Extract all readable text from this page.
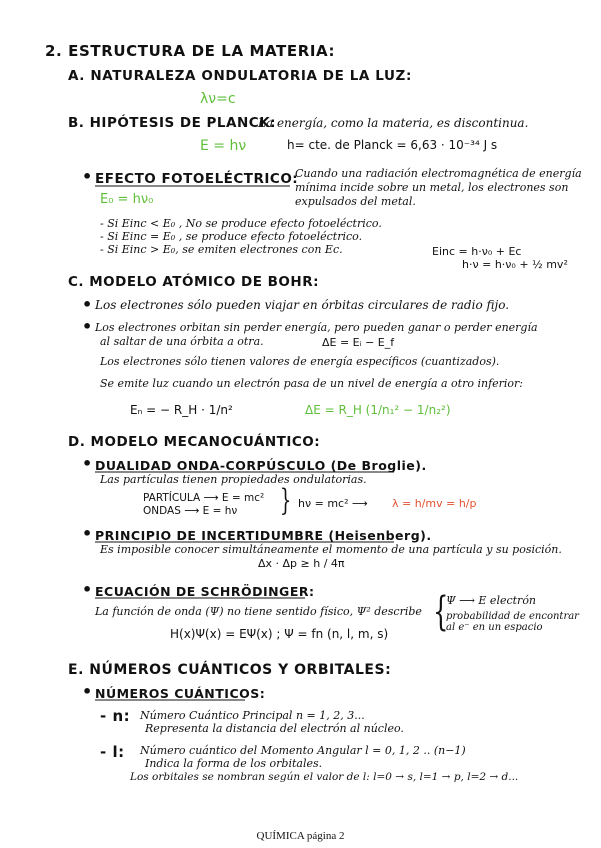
2. ESTRUCTURA DE LA MATERIA:
A. NATURALEZA ONDULATORIA DE LA LUZ:
λν=c
B. HIPÓTESIS DE PLANCK:
La energía, como la materia, es discontinua.
E = hν	h= cte. de Planck = 6,63 · 10⁻³⁴ J s
• EFECTO FOTOELÉCTRICO:
E₀ = hν₀
Cuando una radiación electromagnética de energía
mínima incide sobre un metal, los electrones son
expulsados del metal.
- Si Einc < E₀ , No se produce efecto fotoeléctrico.
- Si Einc = E₀ , se produce efecto fotoeléctrico.
- Si Einc > E₀, se emiten electrones con Ec.	Einc = h·ν₀ + Ec
h·ν = h·ν₀ + ½ mv²
C. MODELO ATÓMICO DE BOHR:
• Los electrones sólo pueden viajar en órbitas circulares de radio fijo.
• Los electrones orbitan sin perder energía, pero pueden ganar o perder energía
al saltar de una órbita a otra.	ΔE = Eᵢ − E_f
Los electrones sólo tienen valores de energía específicos (cuantizados).
Se emite luz cuando un electrón pasa de un nivel de energía a otro inferior:
Eₙ = − R_H · 1/n²	ΔE = R_H (1/n₁² − 1/n₂²)
D. MODELO MECANOCUÁNTICO:
• DUALIDAD ONDA-CORPÚSCULO (De Broglie).
Las partículas tienen propiedades ondulatorias.
PARTÍCULA ⟶ E = mc²
ONDAS ⟶ E = hν } hν = mc² ⟶ λ = h/mv = h/p
• PRINCIPIO DE INCERTIDUMBRE (Heisenberg).
Es imposible conocer simultáneamente el momento de una partícula y su posición.
Δx · Δp ≥ h / 4π
• ECUACIÓN DE SCHRÖDINGER:
La función de onda (Ψ) no tiene sentido físico, Ψ² describe
H(x)Ψ(x) = EΨ(x) ; Ψ = fn (n, l, m, s) {
Ψ ⟶ E electrón
probabilidad de encontrar
al e⁻ en un espacio
E. NÚMEROS CUÁNTICOS Y ORBITALES:
• NÚMEROS CUÁNTICOS:
- n: Número Cuántico Principal n = 1, 2, 3...
Representa la distancia del electrón al núcleo.
- l: Número cuántico del Momento Angular l = 0, 1, 2 .. (n−1)
Indica la forma de los orbitales.
Los orbitales se nombran según el valor de l: l=0 → s, l=1 → p, l=2 → d...
QUÍMICA página 2
